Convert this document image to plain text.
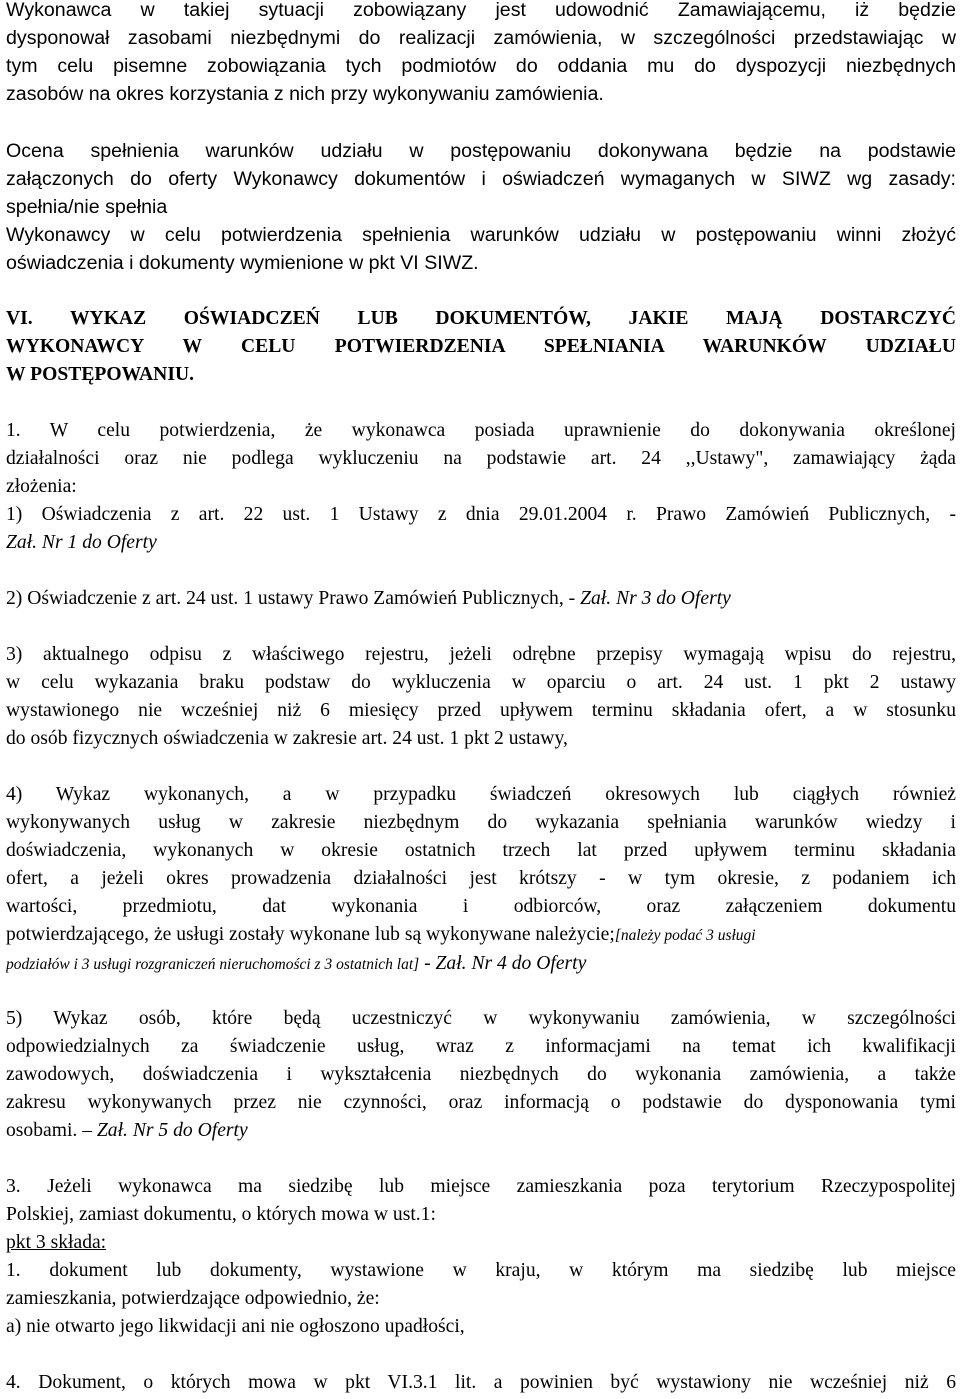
Wykonawca w takiej sytuacji zobowiązany jest udowodnić Zamawiającemu, iż będzie
dysponował zasobami niezbędnymi do realizacji zamówienia, w szczególności przedstawiając w
tym celu pisemne zobowiązania tych podmiotów do oddania mu do dyspozycji niezbędnych
zasobów na okres korzystania z nich przy wykonywaniu zamówienia.
Ocena spełnienia warunków udziału w postępowaniu dokonywana będzie na podstawie
załączonych do oferty Wykonawcy dokumentów i oświadczeń wymaganych w SIWZ wg zasady:
spełnia/nie spełnia
Wykonawcy w celu potwierdzenia spełnienia warunków udziału w postępowaniu winni złożyć
oświadczenia i dokumenty wymienione w pkt VI SIWZ.
VI. WYKAZ OŚWIADCZEŃ LUB DOKUMENTÓW, JAKIE MAJĄ DOSTARCZYĆ
WYKONAWCY W CELU POTWIERDZENIA SPEŁNIANIA WARUNKÓW UDZIAŁU
W POSTĘPOWANIU.
1. W celu potwierdzenia, że wykonawca posiada uprawnienie do dokonywania określonej
działalności oraz nie podlega wykluczeniu na podstawie art. 24 ,,Ustawy", zamawiający żąda
złożenia:
1) Oświadczenia z art. 22 ust. 1 Ustawy z dnia 29.01.2004 r. Prawo Zamówień Publicznych, -
Zał. Nr 1 do Oferty
2) Oświadczenie z art. 24 ust. 1 ustawy Prawo Zamówień Publicznych, - Zał. Nr 3 do Oferty
3) aktualnego odpisu z właściwego rejestru, jeżeli odrębne przepisy wymagają wpisu do rejestru,
w celu wykazania braku podstaw do wykluczenia w oparciu o art. 24 ust. 1 pkt 2 ustawy
wystawionego nie wcześniej niż 6 miesięcy przed upływem terminu składania ofert, a w stosunku
do osób fizycznych oświadczenia w zakresie art. 24 ust. 1 pkt 2 ustawy,
4) Wykaz wykonanych, a w przypadku świadczeń okresowych lub ciągłych również
wykonywanych usług w zakresie niezbędnym do wykazania spełniania warunków wiedzy i
doświadczenia, wykonanych w okresie ostatnich trzech lat przed upływem terminu składania
ofert, a jeżeli okres prowadzenia działalności jest krótszy - w tym okresie, z podaniem ich
wartości, przedmiotu, dat wykonania i odbiorców, oraz załączeniem dokumentu
potwierdzającego, że usługi zostały wykonane lub są wykonywane należycie;[należy podać 3 usługi
podziałów i 3 usługi rozgraniczeń nieruchomości z 3 ostatnich lat] - Zał. Nr 4 do Oferty
5) Wykaz osób, które będą uczestniczyć w wykonywaniu zamówienia, w szczególności
odpowiedzialnych za świadczenie usług, wraz z informacjami na temat ich kwalifikacji
zawodowych, doświadczenia i wykształcenia niezbędnych do wykonania zamówienia, a także
zakresu wykonywanych przez nie czynności, oraz informacją o podstawie do dysponowania tymi
osobami. – Zał. Nr 5 do Oferty
3. Jeżeli wykonawca ma siedzibę lub miejsce zamieszkania poza terytorium Rzeczypospolitej
Polskiej, zamiast dokumentu, o których mowa w ust.1:
pkt 3 składa:
1. dokument lub dokumenty, wystawione w kraju, w którym ma siedzibę lub miejsce
zamieszkania, potwierdzające odpowiednio, że:
a) nie otwarto jego likwidacji ani nie ogłoszono upadłości,
4. Dokument, o których mowa w pkt VI.3.1 lit. a powinien być wystawiony nie wcześniej niż 6
